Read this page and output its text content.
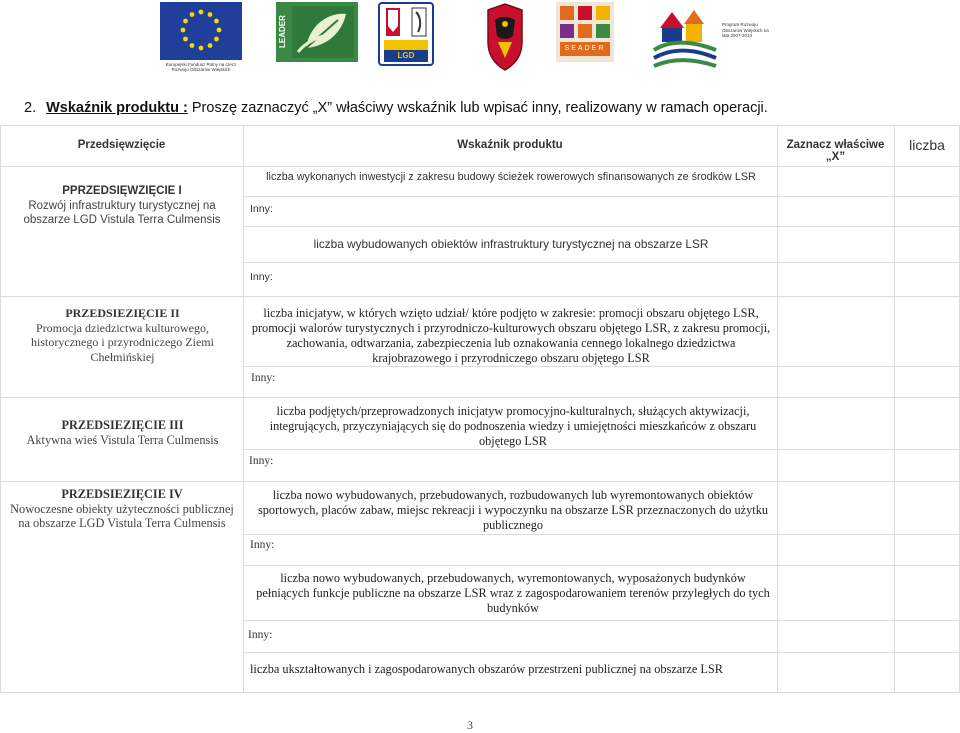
Europejski Fundusz Rolny na rzecz Rozwoju Obszarów Wiejskich
LEADER
LGD
SEADER
Program Rozwoju Obszarów Wiejskich na lata 2007-2013
2. Wskaźnik produktu : Proszę zaznaczyć „X” właściwy wskaźnik lub wpisać inny, realizowany w ramach operacji.
Przedsięwzięcie	Wskaźnik produktu	Zaznacz właściwe „X”
liczba
PPRZEDSIĘWZIĘCIE I
Rozwój infrastruktury turystycznej na obszarze LGD Vistula Terra Culmensis
liczba wykonanych inwestycji z zakresu budowy ścieżek rowerowych sfinansowanych ze środków LSR
Inny:
liczba wybudowanych obiektów infrastruktury turystycznej na obszarze LSR
Inny:
PRZEDSIEZIĘCIE II
Promocja dziedzictwa kulturowego, historycznego i przyrodniczego Ziemi Chełmińskiej
liczba inicjatyw, w których wzięto udział/ które podjęto w zakresie: promocji obszaru objętego LSR, promocji walorów turystycznych i przyrodniczo-kulturowych obszaru objętego LSR, z zakresu promocji, zachowania, odtwarzania, zabezpieczenia lub oznakowania cennego lokalnego dziedzictwa krajobrazowego i przyrodniczego obszaru objętego LSR
Inny:
PRZEDSIEZIĘCIE III
Aktywna wieś Vistula Terra Culmensis
liczba podjętych/przeprowadzonych inicjatyw promocyjno-kulturalnych, służących aktywizacji, integrujących, przyczyniających się do podnoszenia wiedzy i umiejętności mieszkańców z obszaru objętego LSR
Inny:
PRZEDSIEZIĘCIE IV
Nowoczesne obiekty użyteczności publicznej na obszarze LGD Vistula Terra Culmensis
liczba nowo wybudowanych, przebudowanych, rozbudowanych lub wyremontowanych obiektów sportowych, placów zabaw, miejsc rekreacji i wypoczynku na obszarze LSR przeznaczonych do użytku publicznego
Inny:
liczba nowo wybudowanych, przebudowanych, wyremontowanych, wyposażonych budynków pełniących funkcje publiczne na obszarze LSR wraz z zagospodarowaniem terenów przyległych do tych budynków
Inny:
liczba ukształtowanych i zagospodarowanych obszarów przestrzeni publicznej na obszarze LSR
3
